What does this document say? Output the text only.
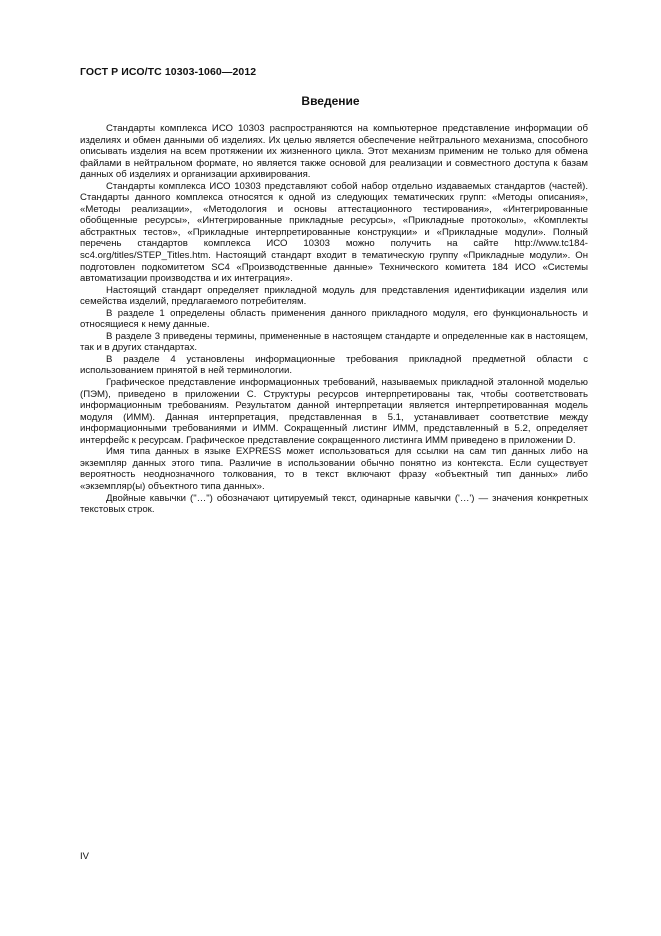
ГОСТ Р ИСО/ТС 10303-1060—2012
Введение

Стандарты комплекса ИСО 10303 распространяются на компьютерное представление информации об изделиях и обмен данными об изделиях. Их целью является обеспечение нейтрального механизма, способного описывать изделия на всем протяжении их жизненного цикла. Этот механизм применим не только для обмена файлами в нейтральном формате, но является также основой для реализации и совместного доступа к базам данных об изделиях и организации архивирования.

Стандарты комплекса ИСО 10303 представляют собой набор отдельно издаваемых стандартов (частей). Стандарты данного комплекса относятся к одной из следующих тематических групп: «Методы описания», «Методы реализации», «Методология и основы аттестационного тестирования», «Интегрированные обобщенные ресурсы», «Интегрированные прикладные ресурсы», «Прикладные протоколы», «Комплекты абстрактных тестов», «Прикладные интерпретированные конструкции» и «Прикладные модули». Полный перечень стандартов комплекса ИСО 10303 можно получить на сайте http://www.tc184-sc4.org/titles/STEP_Titles.htm. Настоящий стандарт входит в тематическую группу «Прикладные модули». Он подготовлен подкомитетом SC4 «Производственные данные» Технического комитета 184 ИСО «Системы автоматизации производства и их интеграция».

Настоящий стандарт определяет прикладной модуль для представления идентификации изделия или семейства изделий, предлагаемого потребителям.

В разделе 1 определены область применения данного прикладного модуля, его функциональность и относящиеся к нему данные.

В разделе 3 приведены термины, примененные в настоящем стандарте и определенные как в настоящем, так и в других стандартах.

В разделе 4 установлены информационные требования прикладной предметной области с использованием принятой в ней терминологии.

Графическое представление информационных требований, называемых прикладной эталонной моделью (ПЭМ), приведено в приложении С. Структуры ресурсов интерпретированы так, чтобы соответствовать информационным требованиям. Результатом данной интерпретации является интерпретированная модель модуля (ИММ). Данная интерпретация, представленная в 5.1, устанавливает соответствие между информационными требованиями и ИММ. Сокращенный листинг ИММ, представленный в 5.2, определяет интерфейс к ресурсам. Графическое представление сокращенного листинга ИММ приведено в приложении D.

Имя типа данных в языке EXPRESS может использоваться для ссылки на сам тип данных либо на экземпляр данных этого типа. Различие в использовании обычно понятно из контекста. Если существует вероятность неоднозначного толкования, то в текст включают фразу «объектный тип данных» либо «экземпляр(ы) объектного типа данных».

Двойные кавычки ("…") обозначают цитируемый текст, одинарные кавычки ('…') — значения конкретных текстовых строк.

IV
